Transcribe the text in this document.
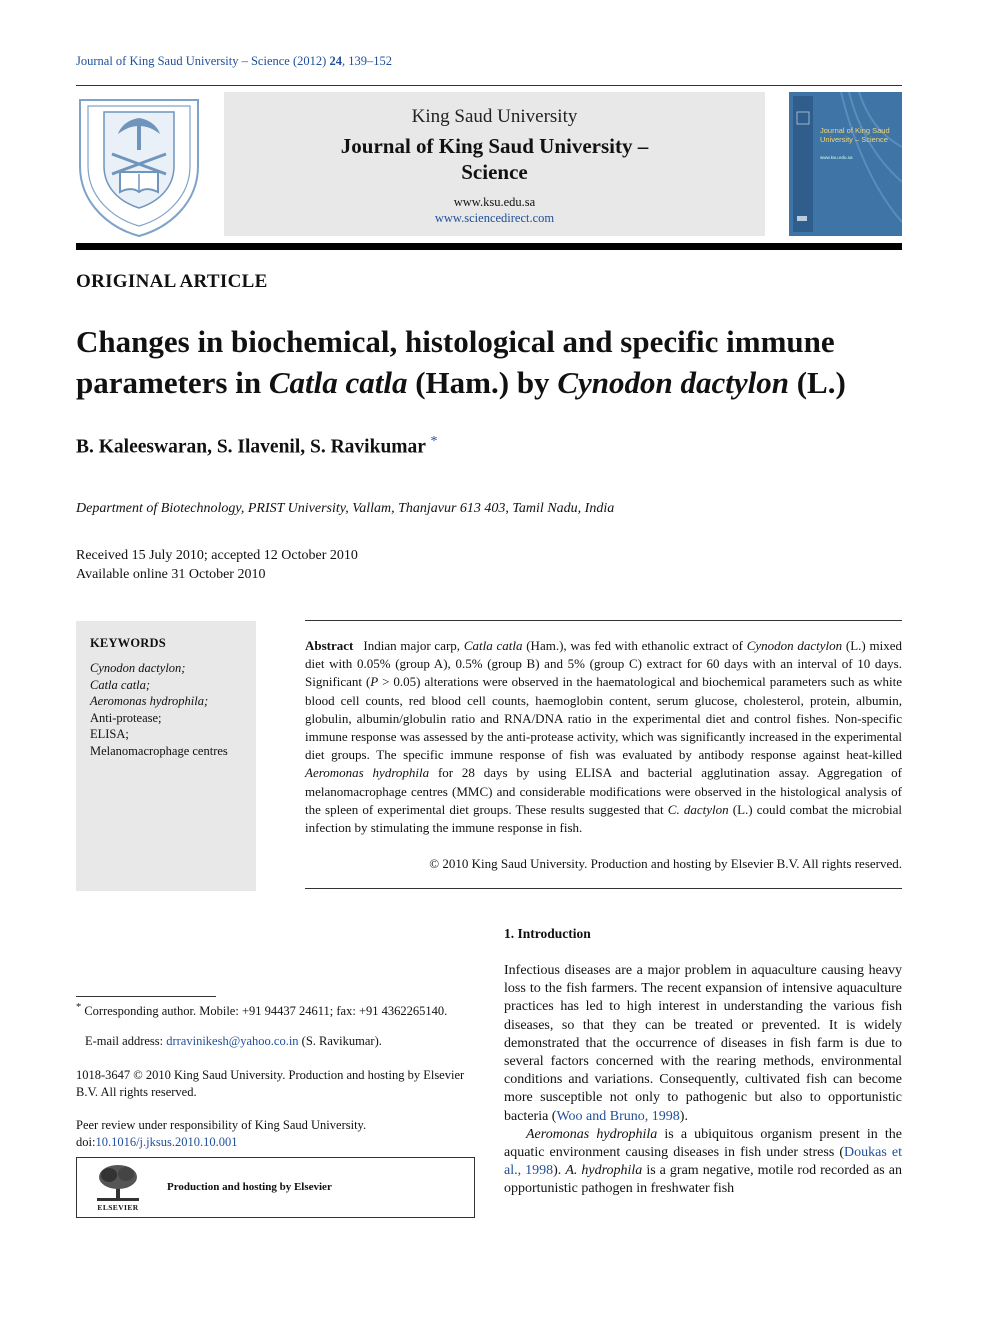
Journal of King Saud University – Science (2012) 24, 139–152
King Saud University
Journal of King Saud University –
Science
www.ksu.edu.sa
www.sciencedirect.com
Journal of King Saud University – Science
www.ksu.edu.sa
ORIGINAL ARTICLE
Changes in biochemical, histological and specific immune
parameters in Catla catla (Ham.) by Cynodon dactylon (L.)
B. Kaleeswaran, S. Ilavenil, S. Ravikumar *
Department of Biotechnology, PRIST University, Vallam, Thanjavur 613 403, Tamil Nadu, India
Received 15 July 2010; accepted 12 October 2010
Available online 31 October 2010
KEYWORDS
Cynodon dactylon;
Catla catla;
Aeromonas hydrophila;
Anti-protease;
ELISA;
Melanomacrophage centres
Abstract Indian major carp, Catla catla (Ham.), was fed with ethanolic extract of Cynodon dactylon (L.) mixed diet with 0.05% (group A), 0.5% (group B) and 5% (group C) extract for 60 days with an interval of 10 days. Significant (P > 0.05) alterations were observed in the haematological and biochemical parameters such as white blood cell counts, red blood cell counts, haemoglobin content, serum glucose, cholesterol, protein, albumin, globulin, albumin/globulin ratio and RNA/DNA ratio in the experimental diet and control fishes. Non-specific immune response was assessed by the anti-protease activity, which was significantly increased in the experimental diet groups. The specific immune response of fish was evaluated by antibody response against heat-killed Aeromonas hydrophila for 28 days by using ELISA and bacterial agglutination assay. Aggregation of melanomacrophage centres (MMC) and considerable modifications were observed in the histological analysis of the spleen of experimental diet groups. These results suggested that C. dactylon (L.) could combat the microbial infection by stimulating the immune response in fish.
© 2010 King Saud University. Production and hosting by Elsevier B.V. All rights reserved.
1. Introduction

Infectious diseases are a major problem in aquaculture causing heavy loss to the fish farmers. The recent expansion of intensive aquaculture practices has led to high interest in understanding the various fish diseases, so that they can be treated or prevented. It is widely demonstrated that the occurrence of diseases in fish farm is due to several factors concerned with the rearing methods, environmental conditions and variations. Consequently, cultivated fish can become more susceptible not only to pathogenic but also to opportunistic bacteria (Woo and Bruno, 1998).

Aeromonas hydrophila is a ubiquitous organism present in the aquatic environment causing diseases in fish under stress (Doukas et al., 1998). A. hydrophila is a gram negative, motile rod recorded as an opportunistic pathogen in freshwater fish

* Corresponding author. Mobile: +91 94437 24611; fax: +91 4362265140.
E-mail address: drravinikesh@yahoo.co.in (S. Ravikumar).
1018-3647 © 2010 King Saud University. Production and hosting by Elsevier B.V. All rights reserved.
Peer review under responsibility of King Saud University.
doi:10.1016/j.jksus.2010.10.001
ELSEVIER
Production and hosting by Elsevier
